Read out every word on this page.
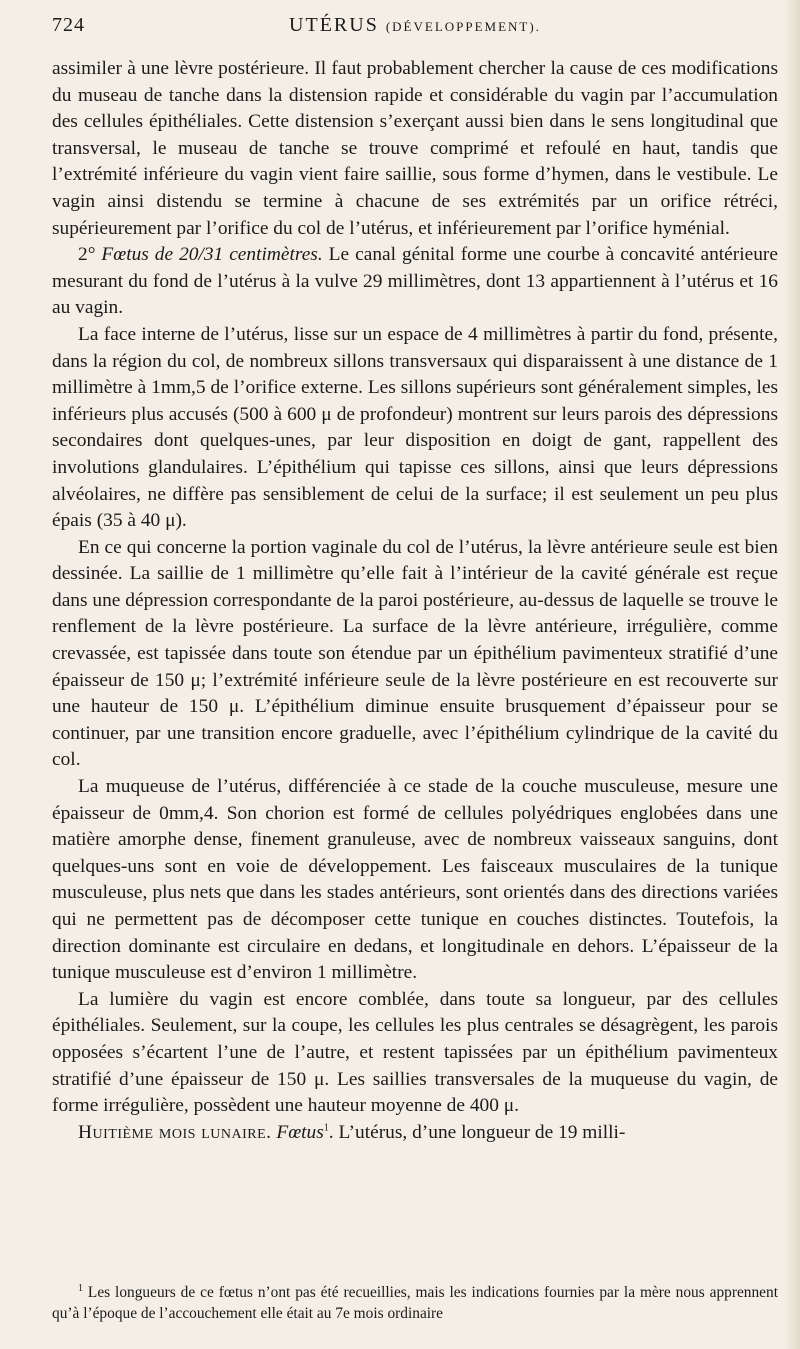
724	UTÉRUS (DÉVELOPPEMENT).

assimiler à une lèvre postérieure. Il faut probablement chercher la cause de ces modifications du museau de tanche dans la distension rapide et considérable du vagin par l’accumulation des cellules épithéliales. Cette distension s’exerçant aussi bien dans le sens longitudinal que transversal, le museau de tanche se trouve comprimé et refoulé en haut, tandis que l’extrémité inférieure du vagin vient faire saillie, sous forme d’hymen, dans le vestibule. Le vagin ainsi distendu se termine à chacune de ses extrémités par un orifice rétréci, supérieurement par l’orifice du col de l’utérus, et inférieurement par l’orifice hyménial.

2° Fœtus de 20/31 centimètres. Le canal génital forme une courbe à concavité antérieure mesurant du fond de l’utérus à la vulve 29 millimètres, dont 13 appartiennent à l’utérus et 16 au vagin.

La face interne de l’utérus, lisse sur un espace de 4 millimètres à partir du fond, présente, dans la région du col, de nombreux sillons transversaux qui disparaissent à une distance de 1 millimètre à 1mm,5 de l’orifice externe. Les sillons supérieurs sont généralement simples, les inférieurs plus accusés (500 à 600 μ de profondeur) montrent sur leurs parois des dépressions secondaires dont quelques-unes, par leur disposition en doigt de gant, rappellent des involutions glandulaires. L’épithélium qui tapisse ces sillons, ainsi que leurs dépressions alvéolaires, ne diffère pas sensiblement de celui de la surface; il est seulement un peu plus épais (35 à 40 μ).

En ce qui concerne la portion vaginale du col de l’utérus, la lèvre antérieure seule est bien dessinée. La saillie de 1 millimètre qu’elle fait à l’intérieur de la cavité générale est reçue dans une dépression correspondante de la paroi postérieure, au-dessus de laquelle se trouve le renflement de la lèvre postérieure. La surface de la lèvre antérieure, irrégulière, comme crevassée, est tapissée dans toute son étendue par un épithélium pavimenteux stratifié d’une épaisseur de 150 μ; l’extrémité inférieure seule de la lèvre postérieure en est recouverte sur une hauteur de 150 μ. L’épithélium diminue ensuite brusquement d’épaisseur pour se continuer, par une transition encore graduelle, avec l’épithélium cylindrique de la cavité du col.

La muqueuse de l’utérus, différenciée à ce stade de la couche musculeuse, mesure une épaisseur de 0mm,4. Son chorion est formé de cellules polyédriques englobées dans une matière amorphe dense, finement granuleuse, avec de nombreux vaisseaux sanguins, dont quelques-uns sont en voie de développement. Les faisceaux musculaires de la tunique musculeuse, plus nets que dans les stades antérieurs, sont orientés dans des directions variées qui ne permettent pas de décomposer cette tunique en couches distinctes. Toutefois, la direction dominante est circulaire en dedans, et longitudinale en dehors. L’épaisseur de la tunique musculeuse est d’environ 1 millimètre.

La lumière du vagin est encore comblée, dans toute sa longueur, par des cellules épithéliales. Seulement, sur la coupe, les cellules les plus centrales se désagrègent, les parois opposées s’écartent l’une de l’autre, et restent tapissées par un épithélium pavimenteux stratifié d’une épaisseur de 150 μ. Les saillies transversales de la muqueuse du vagin, de forme irrégulière, possèdent une hauteur moyenne de 400 μ.

Huitième mois lunaire. Fœtus$^1$. L’utérus, d’une longueur de 19 milli-

$^1$ Les longueurs de ce fœtus n’ont pas été recueillies, mais les indications fournies par la mère nous apprennent qu’à l’époque de l’accouchement elle était au 7e mois ordinaire
